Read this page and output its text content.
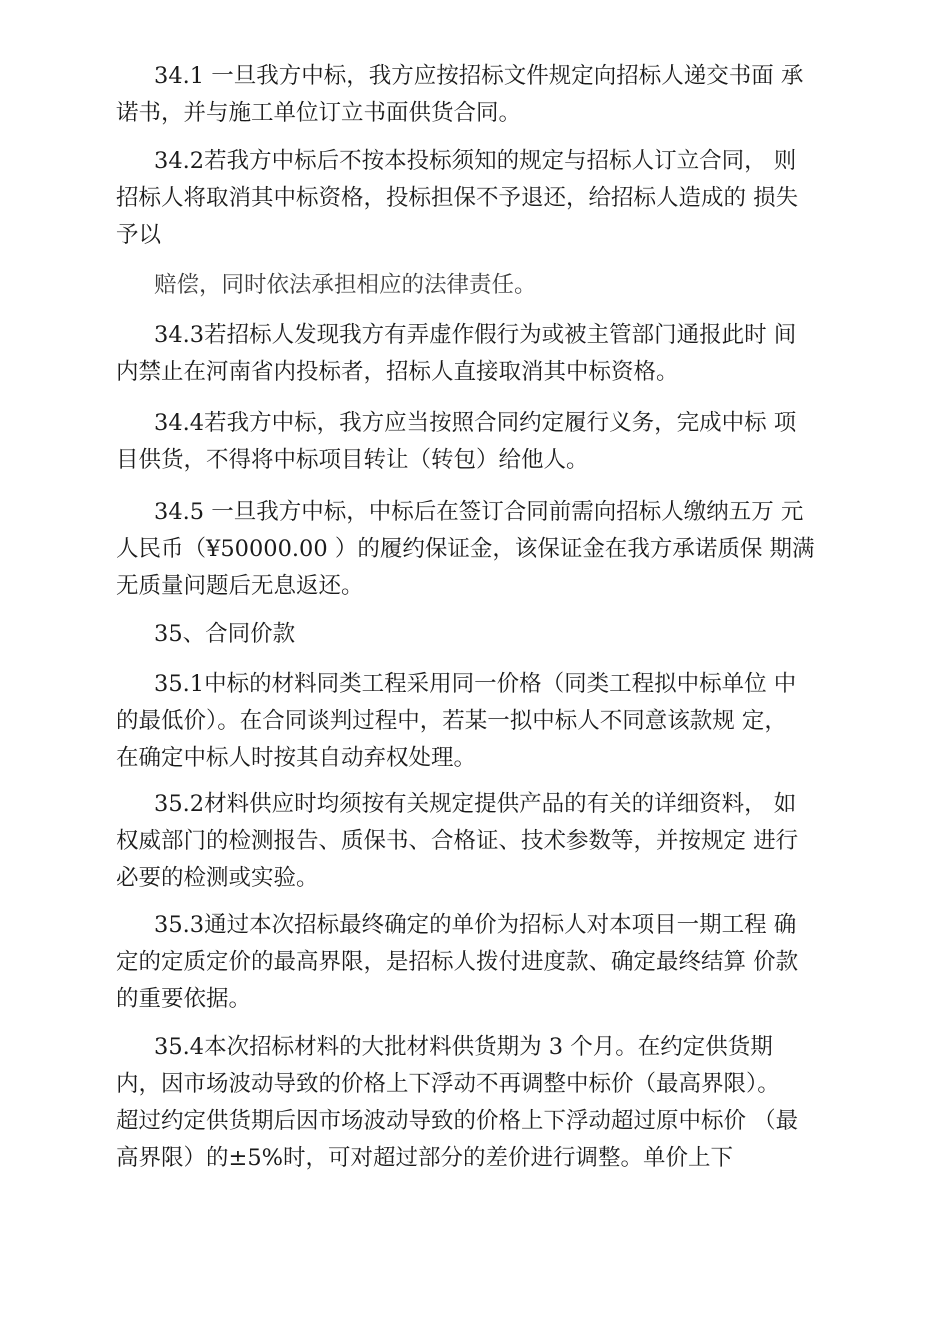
34.1 一旦我方中标，我方应按招标文件规定向招标人递交书面 承
诺书，并与施工单位订立书面供货合同。

34.2若我方中标后不按本投标须知的规定与招标人订立合同， 则
招标人将取消其中标资格，投标担保不予退还，给招标人造成的 损失
予以

赔偿，同时依法承担相应的法律责任。

34.3若招标人发现我方有弄虚作假行为或被主管部门通报此时 间
内禁止在河南省内投标者，招标人直接取消其中标资格。

34.4若我方中标，我方应当按照合同约定履行义务，完成中标 项
目供货，不得将中标项目转让（转包）给他人。

34.5 一旦我方中标，中标后在签订合同前需向招标人缴纳五万 元
人民币（¥50000.00 ）的履约保证金，该保证金在我方承诺质保 期满
无质量问题后无息返还。

35、合同价款

35.1中标的材料同类工程采用同一价格（同类工程拟中标单位 中
的最低价）。在合同谈判过程中，若某一拟中标人不同意该款规 定，
在确定中标人时按其自动弃权处理。

35.2材料供应时均须按有关规定提供产品的有关的详细资料， 如
权威部门的检测报告、质保书、合格证、技术参数等，并按规定 进行
必要的检测或实验。

35.3通过本次招标最终确定的单价为招标人对本项目一期工程 确
定的定质定价的最高界限，是招标人拨付进度款、确定最终结算 价款
的重要依据。

35.4本次招标材料的大批材料供货期为 3 个月。在约定供货期
内，因市场波动导致的价格上下浮动不再调整中标价（最高界限）。
超过约定供货期后因市场波动导致的价格上下浮动超过原中标价 （最
高界限）的±5%时，可对超过部分的差价进行调整。单价上下
